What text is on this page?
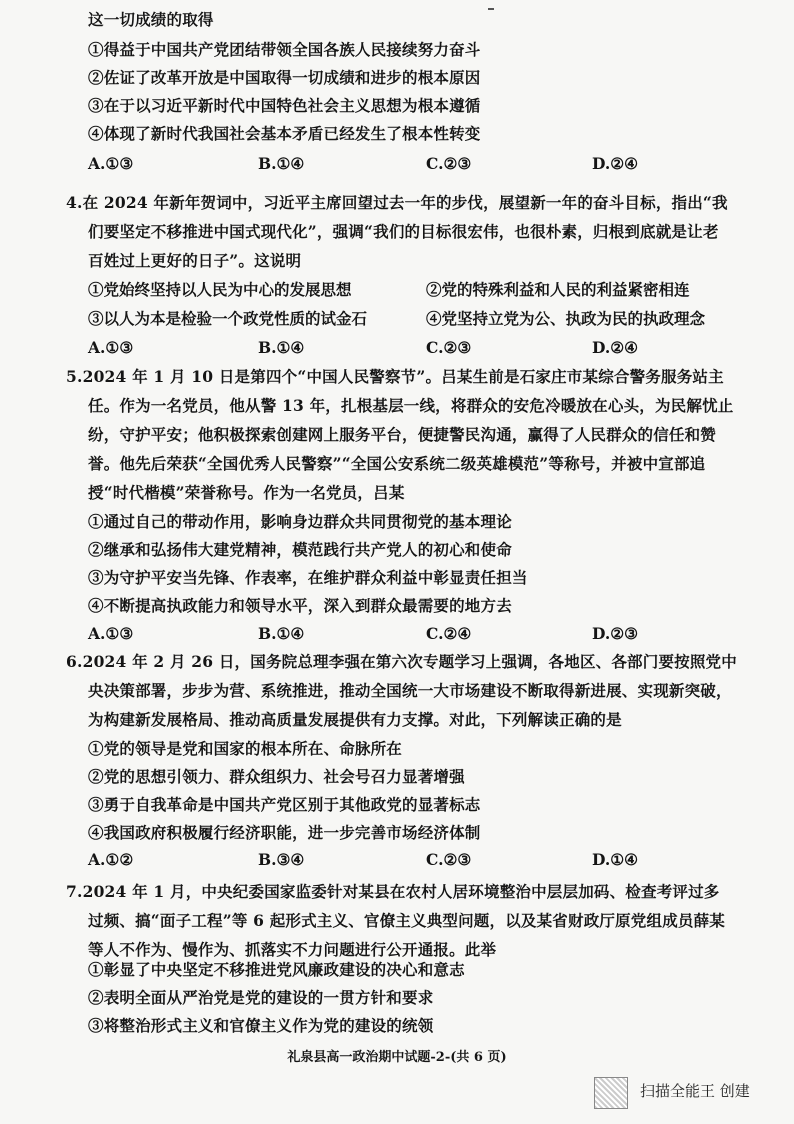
这一切成绩的取得
①得益于中国共产党团结带领全国各族人民接续努力奋斗
②佐证了改革开放是中国取得一切成绩和进步的根本原因
③在于以习近平新时代中国特色社会主义思想为根本遵循
④体现了新时代我国社会基本矛盾已经发生了根本性转变
A.①③	B.①④	C.②③	D.②④
4.在 2024 年新年贺词中，习近平主席回望过去一年的步伐，展望新一年的奋斗目标，指出“我
们要坚定不移推进中国式现代化”，强调“我们的目标很宏伟，也很朴素，归根到底就是让老
百姓过上更好的日子”。这说明
①党始终坚持以人民为中心的发展思想	②党的特殊利益和人民的利益紧密相连
③以人为本是检验一个政党性质的试金石	④党坚持立党为公、执政为民的执政理念
A.①③	B.①④	C.②③	D.②④
5.2024 年 1 月 10 日是第四个“中国人民警察节”。吕某生前是石家庄市某综合警务服务站主
任。作为一名党员，他从警 13 年，扎根基层一线，将群众的安危冷暖放在心头，为民解忧止
纷，守护平安；他积极探索创建网上服务平台，便捷警民沟通，赢得了人民群众的信任和赞
誉。他先后荣获“全国优秀人民警察”“全国公安系统二级英雄模范”等称号，并被中宣部追
授“时代楷模”荣誉称号。作为一名党员，吕某
①通过自己的带动作用，影响身边群众共同贯彻党的基本理论
②继承和弘扬伟大建党精神，模范践行共产党人的初心和使命
③为守护平安当先锋、作表率，在维护群众利益中彰显责任担当
④不断提高执政能力和领导水平，深入到群众最需要的地方去
A.①③	B.①④	C.②④	D.②③
6.2024 年 2 月 26 日，国务院总理李强在第六次专题学习上强调，各地区、各部门要按照党中
央决策部署，步步为营、系统推进，推动全国统一大市场建设不断取得新进展、实现新突破，
为构建新发展格局、推动高质量发展提供有力支撑。对此，下列解读正确的是
①党的领导是党和国家的根本所在、命脉所在
②党的思想引领力、群众组织力、社会号召力显著增强
③勇于自我革命是中国共产党区别于其他政党的显著标志
④我国政府积极履行经济职能，进一步完善市场经济体制
A.①②	B.③④	C.②③	D.①④
7.2024 年 1 月，中央纪委国家监委针对某县在农村人居环境整治中层层加码、检查考评过多
过频、搞“面子工程”等 6 起形式主义、官僚主义典型问题，以及某省财政厅原党组成员薛某
等人不作为、慢作为、抓落实不力问题进行公开通报。此举
①彰显了中央坚定不移推进党风廉政建设的决心和意志
②表明全面从严治党是党的建设的一贯方针和要求
③将整治形式主义和官僚主义作为党的建设的统领
礼泉县高一政治期中试题-2-(共 6 页)
扫描全能王 创建
